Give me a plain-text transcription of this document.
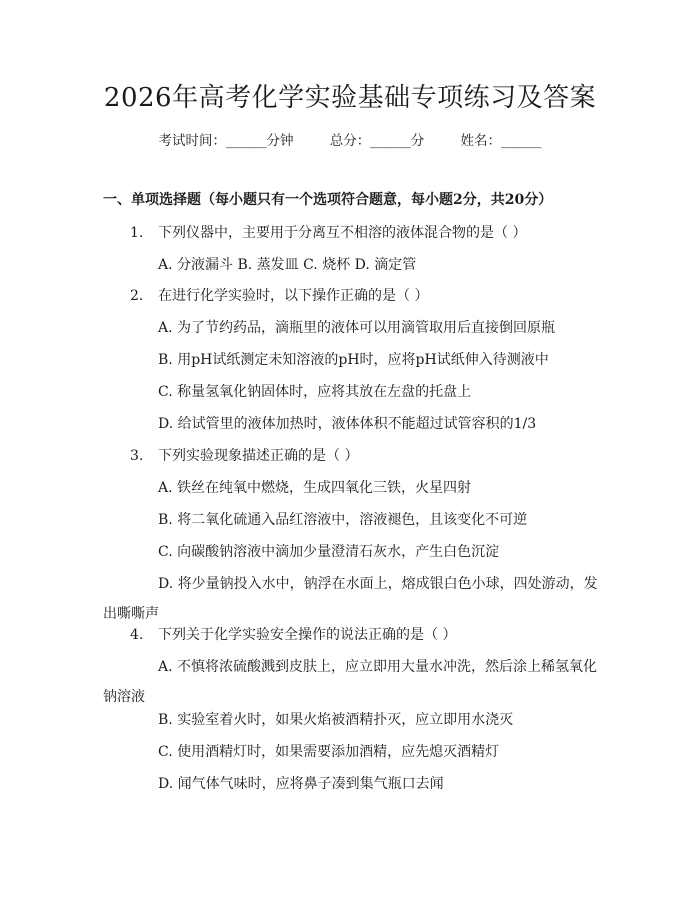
2026年高考化学实验基础专项练习及答案
考试时间：______分钟	总分：______分	姓名：______
一、单项选择题（每小题只有一个选项符合题意，每小题2分，共20分）
1. 下列仪器中，主要用于分离互不相溶的液体混合物的是（ ）
A. 分液漏斗 B. 蒸发皿 C. 烧杯 D. 滴定管
2. 在进行化学实验时，以下操作正确的是（ ）
A. 为了节约药品，滴瓶里的液体可以用滴管取用后直接倒回原瓶
B. 用pH试纸测定未知溶液的pH时，应将pH试纸伸入待测液中
C. 称量氢氧化钠固体时，应将其放在左盘的托盘上
D. 给试管里的液体加热时，液体体积不能超过试管容积的1/3
3. 下列实验现象描述正确的是（ ）
A. 铁丝在纯氧中燃烧，生成四氧化三铁，火星四射
B. 将二氧化硫通入品红溶液中，溶液褪色，且该变化不可逆
C. 向碳酸钠溶液中滴加少量澄清石灰水，产生白色沉淀
D. 将少量钠投入水中，钠浮在水面上，熔成银白色小球，四处游动，发出嘶嘶声
4. 下列关于化学实验安全操作的说法正确的是（ ）
A. 不慎将浓硫酸溅到皮肤上，应立即用大量水冲洗，然后涂上稀氢氧化钠溶液
B. 实验室着火时，如果火焰被酒精扑灭，应立即用水浇灭
C. 使用酒精灯时，如果需要添加酒精，应先熄灭酒精灯
D. 闻气体气味时，应将鼻子凑到集气瓶口去闻
